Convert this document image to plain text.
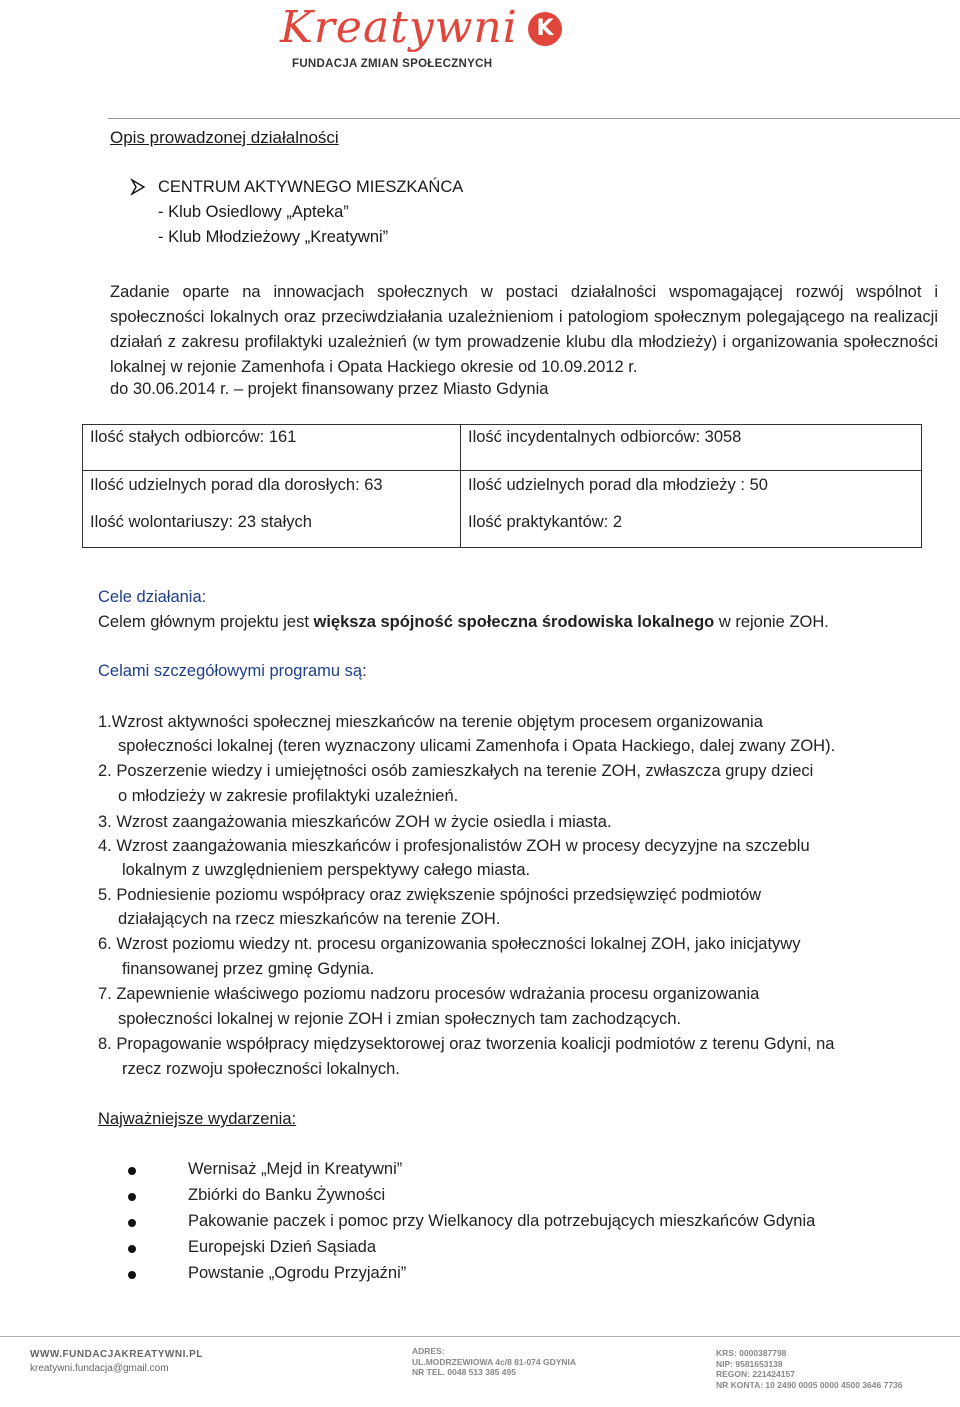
Kreatywni K
FUNDACJA ZMIAN SPOŁECZNYCH
Opis prowadzonej działalności
CENTRUM AKTYWNEGO MIESZKAŃCA
- Klub Osiedlowy „Apteka”
- Klub Młodzieżowy „Kreatywni”
Zadanie oparte na innowacjach społecznych w postaci działalności wspomagającej rozwój wspólnot i społeczności lokalnych oraz przeciwdziałania uzależnieniom i patologiom społecznym polegającego na realizacji działań z zakresu profilaktyki uzależnień (w tym prowadzenie klubu dla młodzieży) i organizowania społeczności lokalnej w rejonie Zamenhofa i Opata Hackiego okresie od 10.09.2012 r.
do 30.06.2014 r. – projekt finansowany przez Miasto Gdynia
Ilość stałych odbiorców: 161	Ilość incydentalnych odbiorców: 3058
Ilość udzielnych porad dla dorosłych: 63	Ilość udzielnych porad dla młodzieży : 50
Ilość wolontariuszy: 23 stałych	Ilość praktykantów: 2
Cele działania:
Celem głównym projektu jest większa spójność społeczna środowiska lokalnego w rejonie ZOH.
Celami szczegółowymi programu są:
1.Wzrost aktywności społecznej mieszkańców na terenie objętym procesem organizowania
społeczności lokalnej (teren wyznaczony ulicami Zamenhofa i Opata Hackiego, dalej zwany ZOH).
2. Poszerzenie wiedzy i umiejętności osób zamieszkałych na terenie ZOH, zwłaszcza grupy dzieci
o młodzieży w zakresie profilaktyki uzależnień.
3. Wzrost zaangażowania mieszkańców ZOH w życie osiedla i miasta.
4. Wzrost zaangażowania mieszkańców i profesjonalistów ZOH w procesy decyzyjne na szczeblu
lokalnym z uwzględnieniem perspektywy całego miasta.
5. Podniesienie poziomu współpracy oraz zwiększenie spójności przedsięwzięć podmiotów
działających na rzecz mieszkańców na terenie ZOH.
6. Wzrost poziomu wiedzy nt. procesu organizowania społeczności lokalnej ZOH, jako inicjatywy
finansowanej przez gminę Gdynia.
7. Zapewnienie właściwego poziomu nadzoru procesów wdrażania procesu organizowania
społeczności lokalnej w rejonie ZOH i zmian społecznych tam zachodzących.
8. Propagowanie współpracy międzysektorowej oraz tworzenia koalicji podmiotów z terenu Gdyni, na
rzecz rozwoju społeczności lokalnych.
Najważniejsze wydarzenia:
Wernisaż „Mejd in Kreatywni”
Zbiórki do Banku Żywności
Pakowanie paczek i pomoc przy Wielkanocy dla potrzebujących mieszkańców Gdynia
Europejski Dzień Sąsiada
Powstanie „Ogrodu Przyjaźni”
WWW.FUNDACJAKREATYWNI.PL
kreatywni.fundacja@gmail.com
ADRES:
UL.MODRZEWIOWA 4c/8 81-074 GDYNIA
NR TEL. 0048 513 385 495
KRS: 0000387798
NIP: 9581653138
REGON: 221424157
NR KONTA: 10 2490 0005 0000 4500 3646 7736
